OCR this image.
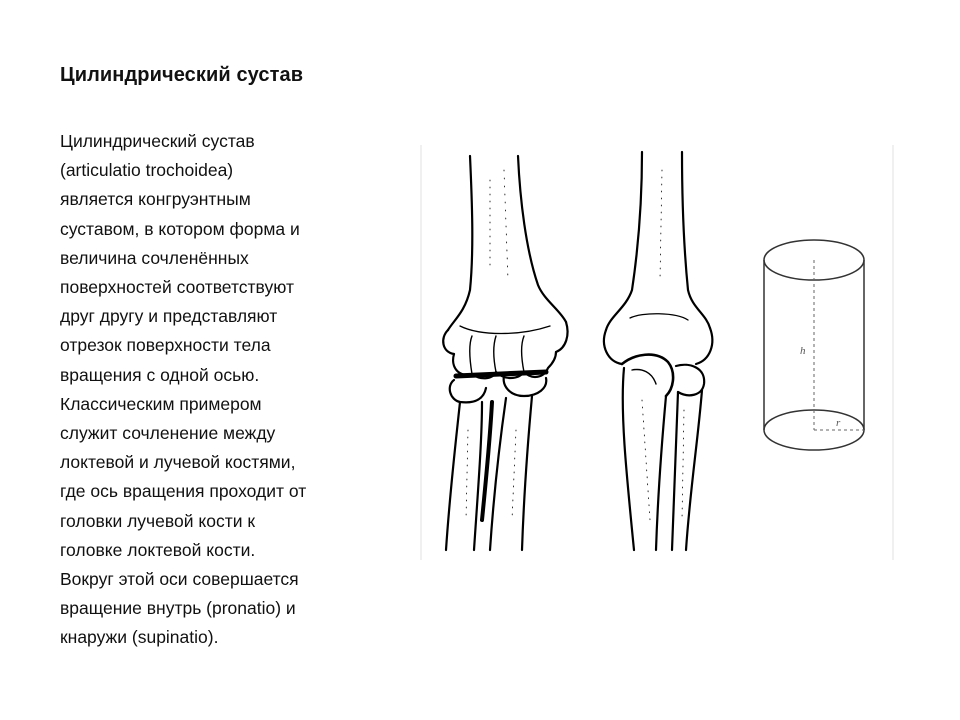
Цилиндрический сустав

Цилиндрический сустав
(articulatio trochoidea)
является конгруэнтным
суставом, в котором форма и
величина сочленённых
поверхностей соответствуют
друг другу и представляют
отрезок поверхности тела
вращения с одной осью.
Классическим примером
служит сочленение между
локтевой и лучевой костями,
где ось вращения проходит от
головки лучевой кости к
головке локтевой кости.
Вокруг этой оси совершается
вращение внутрь (pronatio) и
кнаружи (supinatio).

h
r
